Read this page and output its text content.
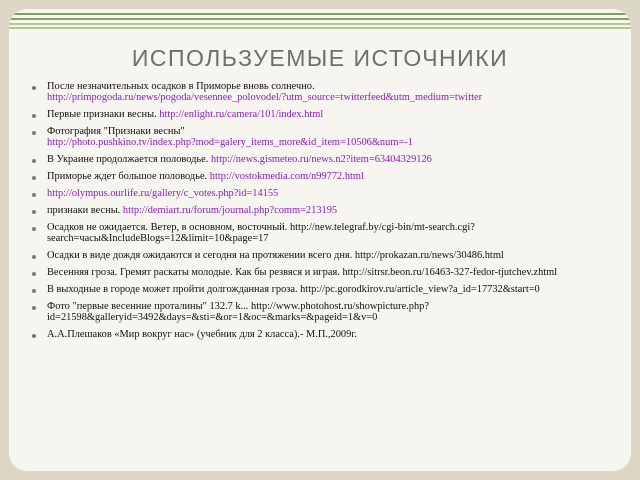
ИСПОЛЬЗУЕМЫЕ ИСТОЧНИКИ
После незначительных осадков в Приморье вновь солнечно.
http://primpogoda.ru/news/pogoda/vesennee_polovodel/?utm_source=twitterfeed&utm_medium=twitter
Первые признаки весны. http://enlight.ru/camera/101/index.html
Фотография "Признаки весны"
http://photo.pushkino.tv/index.php?mod=galery_items_more&id_item=10506&num=-1
В Украине продолжается половодье. http://news.gismeteo.ru/news.n2?item=63404329126
Приморье ждет большое половодье. http://vostokmedia.com/n99772.html
http://olympus.ourlife.ru/gallery/c_votes.php?id=14155
признаки весны. http://demiart.ru/forum/journal.php?comm=213195
Осадков не ожидается. Ветер, в основном, восточный. http://new.telegraf.by/cgi-bin/mt-search.cgi?search=часы&IncludeBlogs=12&limit=10&page=17
Осадки в виде дождя ожидаются и сегодня на протяжении всего дня. http://prokazan.ru/news/30486.html
Весенняя гроза. Гремят раскаты молодые. Как бы резвяся и играя. http://sitrsr.beon.ru/16463-327-fedor-tjutchev.zhtml
В выходные в городе может пройти долгожданная гроза. http://pc.gorodkirov.ru/article_view?a_id=17732&start=0
Фото "первые весенние проталины" 132.7 k... http://www.photohost.ru/showpicture.php?id=21598&galleryid=3492&days=&sti=&or=1&oc=&marks=&pageid=1&v=0
А.А.Плешаков «Мир вокруг нас» (учебник для 2 класса).- М.П.,2009г.
